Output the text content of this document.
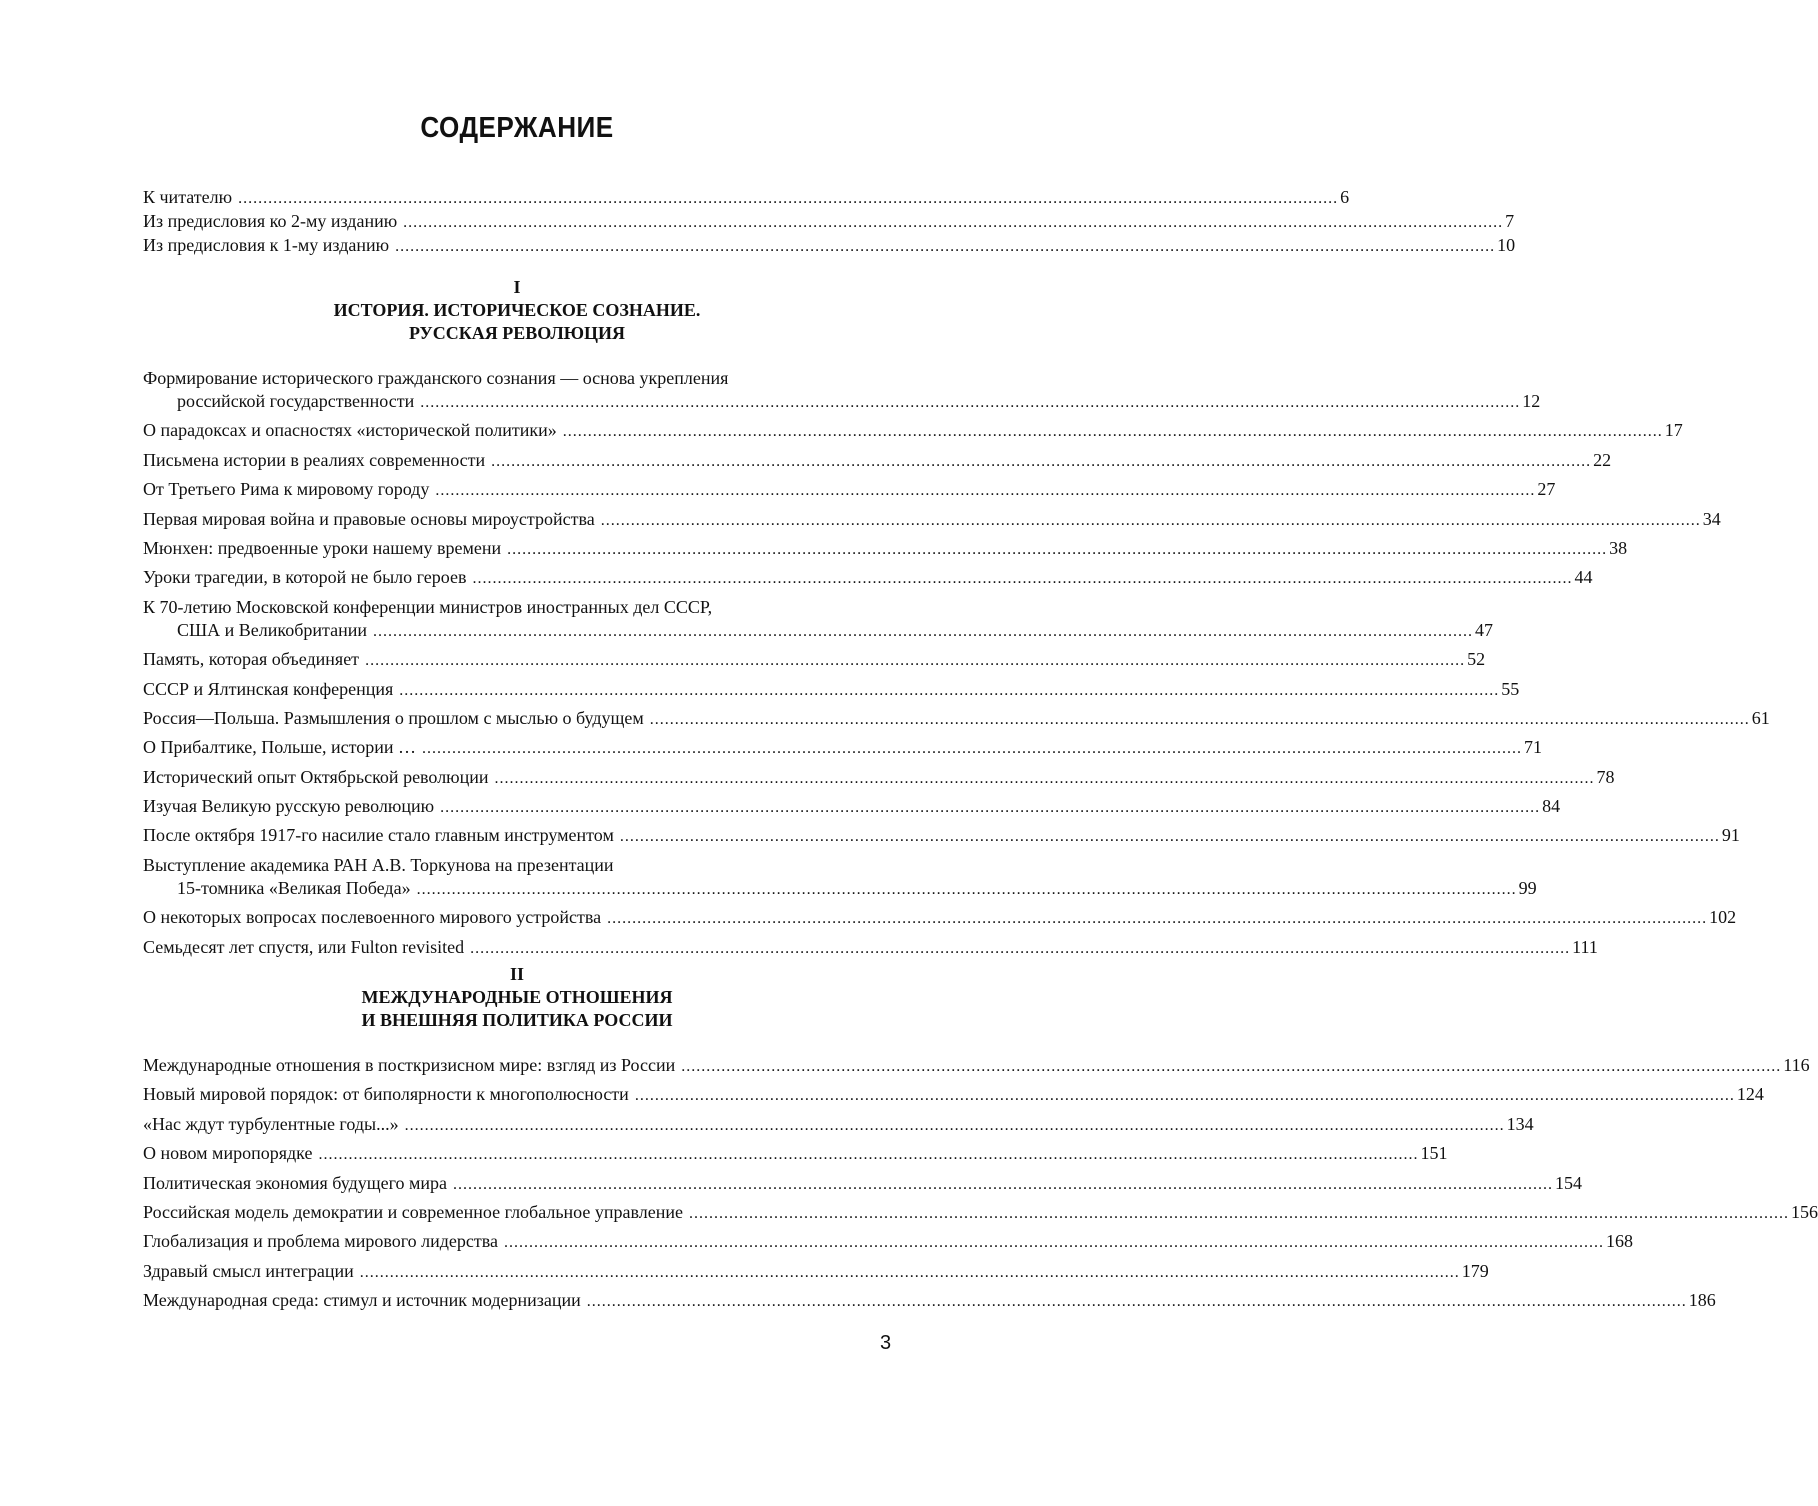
СОДЕРЖАНИЕ
К читателю ............................................................................................................................................................................................................................ 6
Из предисловия ко 2-му изданию ............................................................................................................................................................................................................................ 7
Из предисловия к 1-му изданию ............................................................................................................................................................................................................................ 10
I
ИСТОРИЯ. ИСТОРИЧЕСКОЕ СОЗНАНИЕ.
РУССКАЯ РЕВОЛЮЦИЯ
Формирование исторического гражданского сознания — основа укрепления
российской государственности ............................................................................................................................................................................................................................ 12
О парадоксах и опасностях «исторической политики» ............................................................................................................................................................................................................................ 17
Письмена истории в реалиях современности ............................................................................................................................................................................................................................ 22
От Третьего Рима к мировому городу ............................................................................................................................................................................................................................ 27
Первая мировая война и правовые основы мироустройства ............................................................................................................................................................................................................................ 34
Мюнхен: предвоенные уроки нашему времени ............................................................................................................................................................................................................................ 38
Уроки трагедии, в которой не было героев ............................................................................................................................................................................................................................ 44
К 70-летию Московской конференции министров иностранных дел СССР,
США и Великобритании ............................................................................................................................................................................................................................ 47
Память, которая объединяет ............................................................................................................................................................................................................................ 52
СССР и Ялтинская конференция ............................................................................................................................................................................................................................ 55
Россия—Польша. Размышления о прошлом с мыслью о будущем ............................................................................................................................................................................................................................ 61
О Прибалтике, Польше, истории … ............................................................................................................................................................................................................................ 71
Исторический опыт Октябрьской революции ............................................................................................................................................................................................................................ 78
Изучая Великую русскую революцию ............................................................................................................................................................................................................................ 84
После октября 1917-го насилие стало главным инструментом ............................................................................................................................................................................................................................ 91
Выступление академика РАН А.В. Торкунова на презентации
15-томника «Великая Победа» ............................................................................................................................................................................................................................ 99
О некоторых вопросах послевоенного мирового устройства ............................................................................................................................................................................................................................ 102
Семьдесят лет спустя, или Fulton revisited ............................................................................................................................................................................................................................ 111
II
МЕЖДУНАРОДНЫЕ ОТНОШЕНИЯ
И ВНЕШНЯЯ ПОЛИТИКА РОССИИ
Международные отношения в посткризисном мире: взгляд из России ............................................................................................................................................................................................................................ 116
Новый мировой порядок: от биполярности к многополюсности ............................................................................................................................................................................................................................ 124
«Нас ждут турбулентные годы...» ............................................................................................................................................................................................................................ 134
О новом миропорядке ............................................................................................................................................................................................................................ 151
Политическая экономия будущего мира ............................................................................................................................................................................................................................ 154
Российская модель демократии и современное глобальное управление ............................................................................................................................................................................................................................ 156
Глобализация и проблема мирового лидерства ............................................................................................................................................................................................................................ 168
Здравый смысл интеграции ............................................................................................................................................................................................................................ 179
Международная среда: стимул и источник модернизации ............................................................................................................................................................................................................................ 186
3
